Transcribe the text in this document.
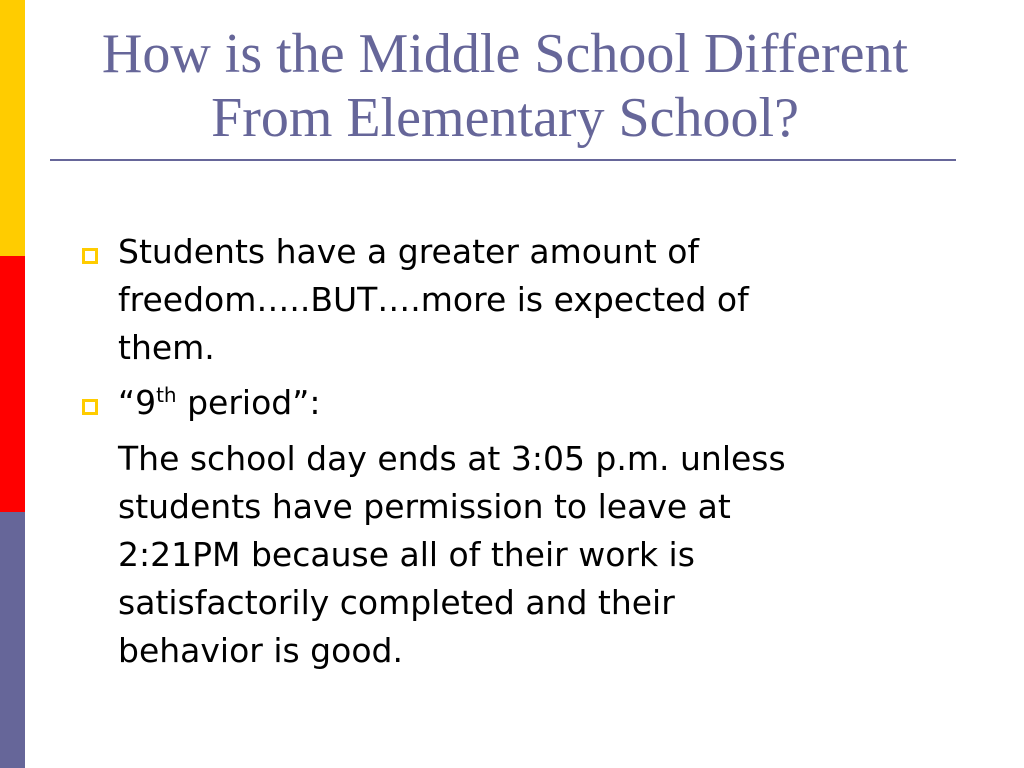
How is the Middle School Different
From Elementary School?
Students have a greater amount of
freedom…..BUT….more is expected of
them.
“9th period”:
The school day ends at 3:05 p.m. unless
students have permission to leave at
2:21PM because all of their work is
satisfactorily completed and their
behavior is good.
